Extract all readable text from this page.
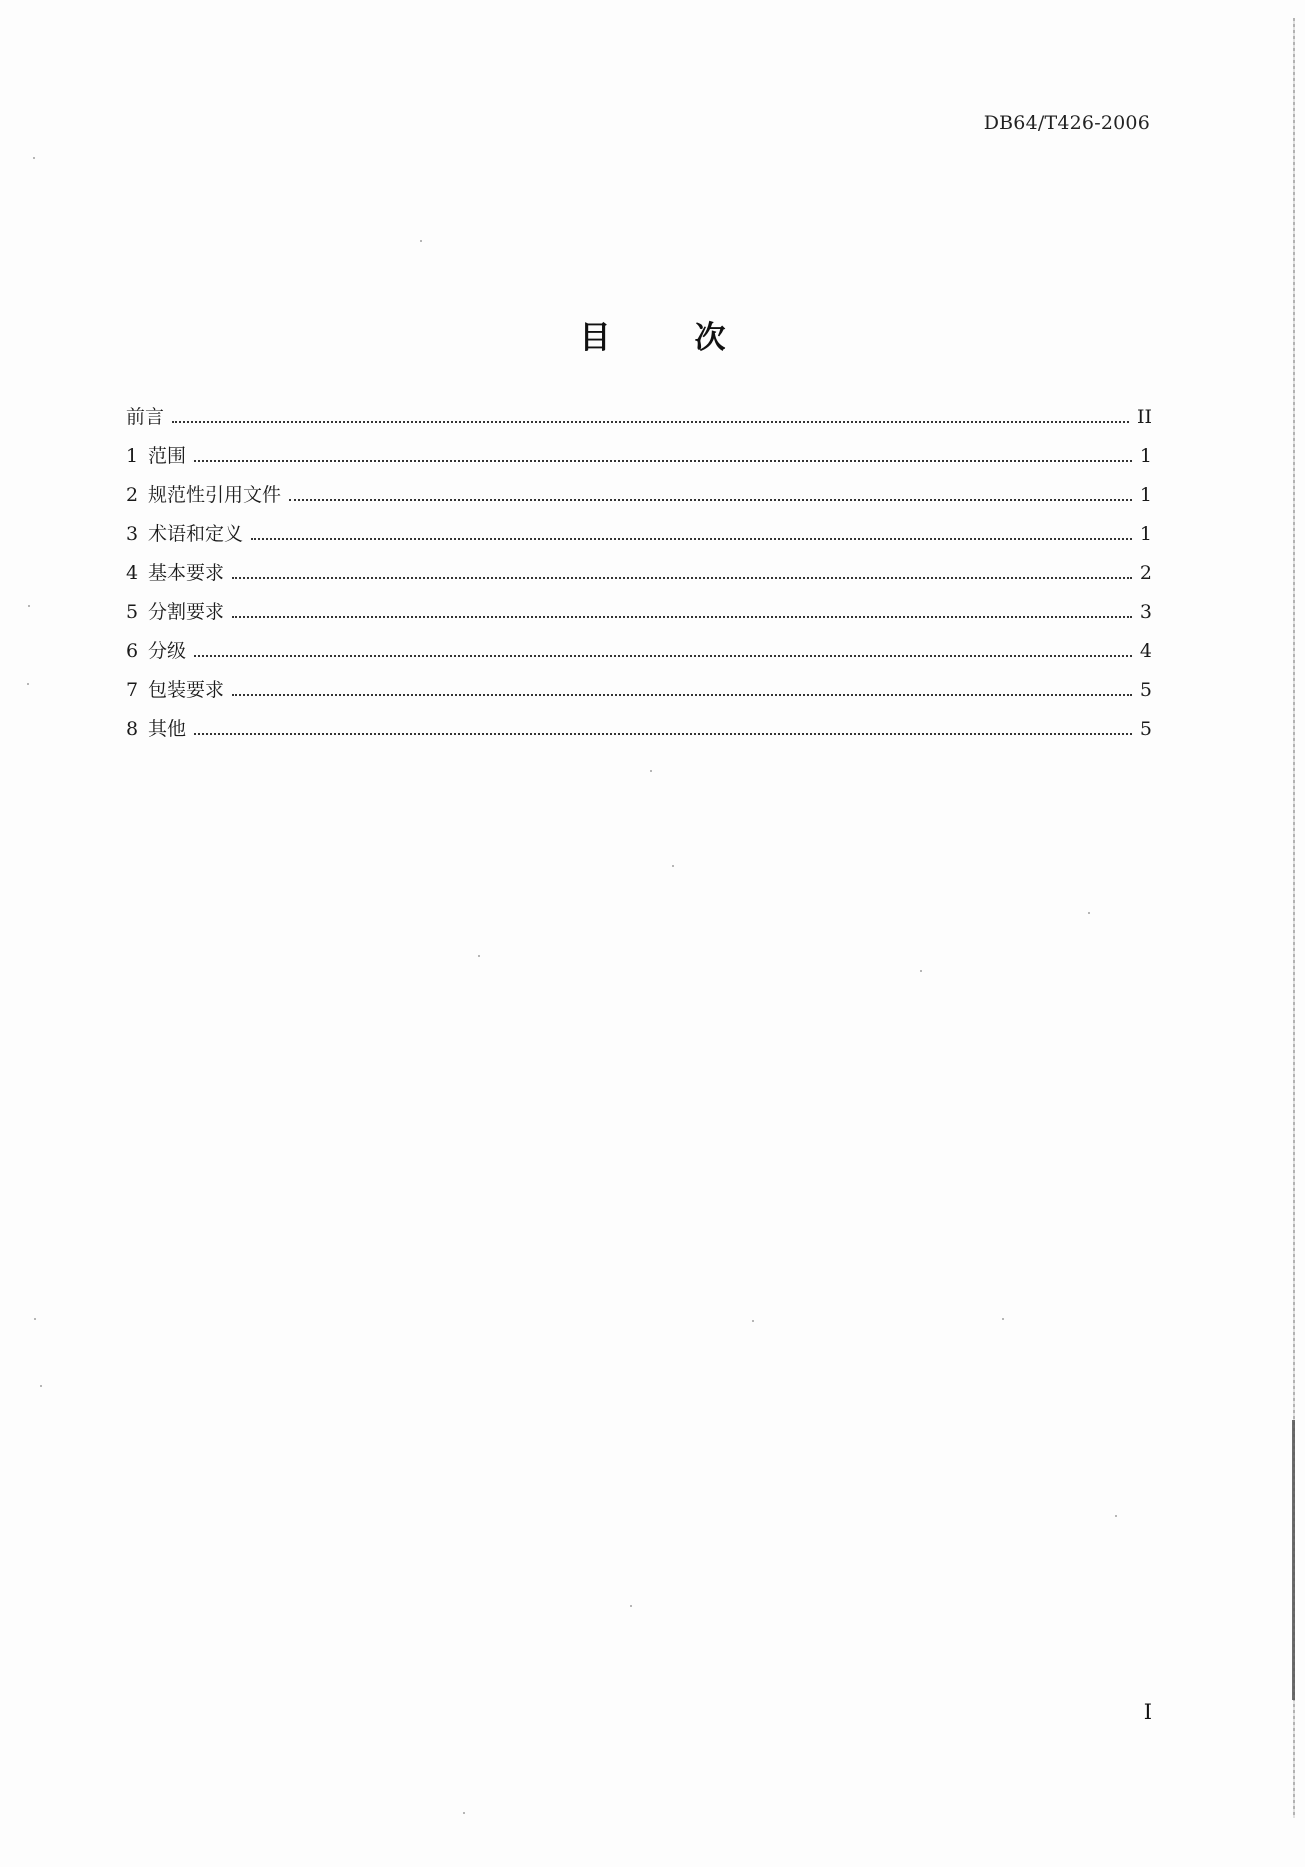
DB64/T426-2006
目	次
前言	II
1 范围	1
2 规范性引用文件	1
3 术语和定义	1
4 基本要求	2
5 分割要求	3
6 分级	4
7 包装要求	5
8 其他	5
I
